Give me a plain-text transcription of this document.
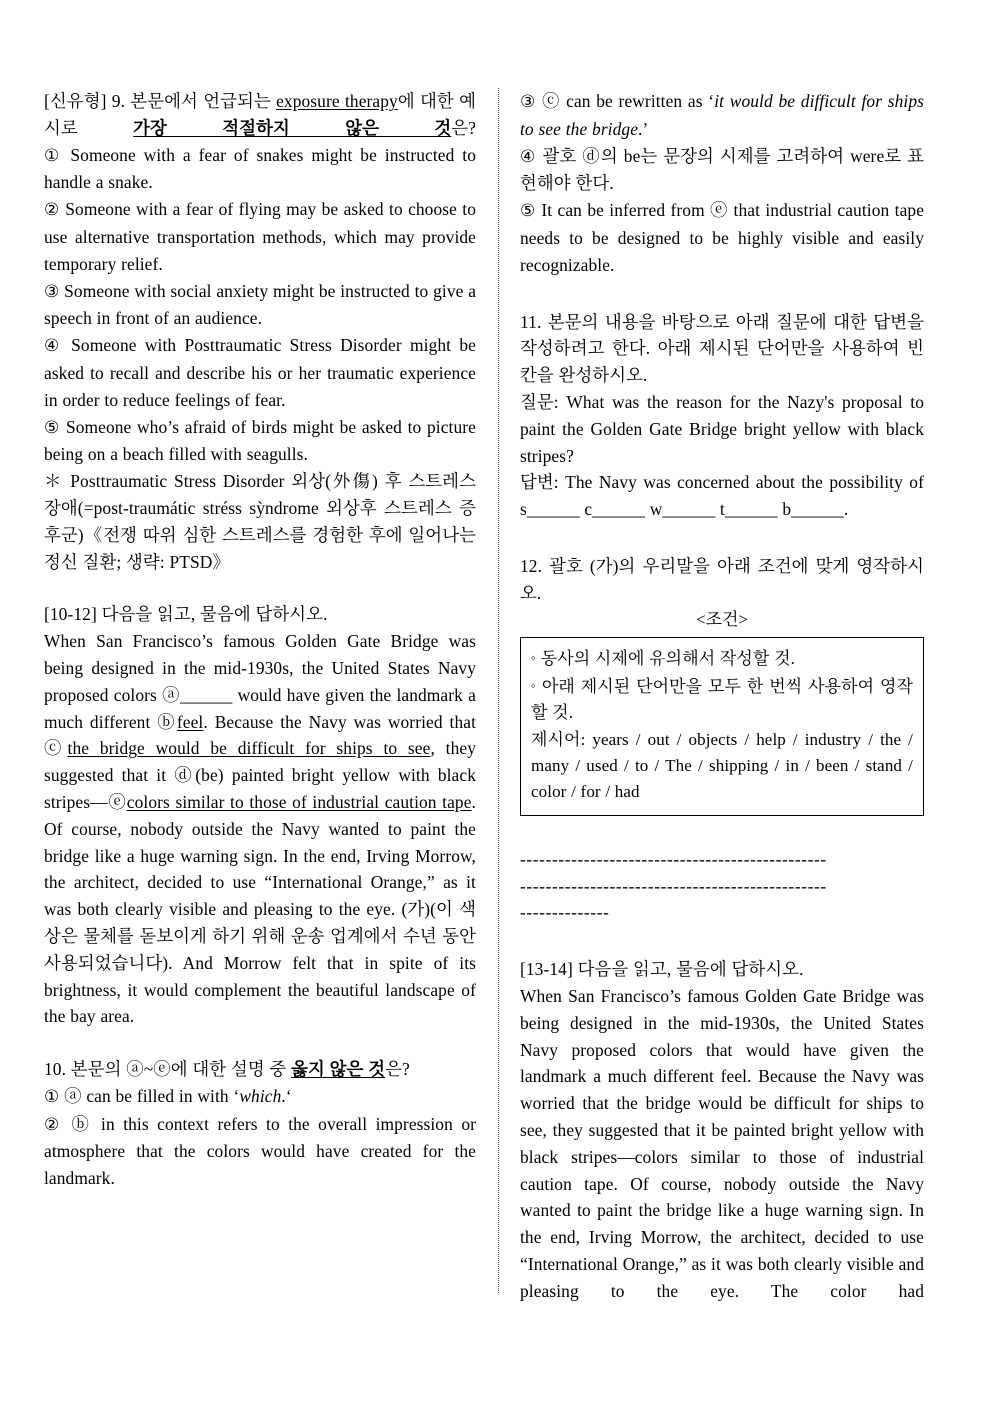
[신유형] 9. 본문에서 언급되는 exposure therapy에 대한 예시로 가장 적절하지 않은 것은?

① Someone with a fear of snakes might be instructed to handle a snake.

② Someone with a fear of flying may be asked to choose to use alternative transportation methods, which may provide temporary relief.

③ Someone with social anxiety might be instructed to give a speech in front of an audience.

④ Someone with Posttraumatic Stress Disorder might be asked to recall and describe his or her traumatic experience in order to reduce feelings of fear.

⑤ Someone who’s afraid of birds might be asked to picture being on a beach filled with seagulls.

＊ Posttraumatic Stress Disorder 외상(外傷) 후 스트레스 장애(=post-traumátic stréss sỳndrome 외상후 스트레스 증후군)《전쟁 따위 심한 스트레스를 경험한 후에 일어나는 정신 질환; 생략: PTSD》

[10-12] 다음을 읽고, 물음에 답하시오.

When San Francisco’s famous Golden Gate Bridge was being designed in the mid-1930s, the United States Navy proposed colors ⓐ______ would have given the landmark a much different ⓑfeel. Because the Navy was worried that ⓒthe bridge would be difficult for ships to see, they suggested that it ⓓ(be) painted bright yellow with black stripes—ⓔcolors similar to those of industrial caution tape. Of course, nobody outside the Navy wanted to paint the bridge like a huge warning sign. In the end, Irving Morrow, the architect, decided to use “International Orange,” as it was both clearly visible and pleasing to the eye. (가)(이 색상은 물체를 돋보이게 하기 위해 운송 업계에서 수년 동안 사용되었습니다). And Morrow felt that in spite of its brightness, it would complement the beautiful landscape of the bay area.

10. 본문의 ⓐ~ⓔ에 대한 설명 중 옳지 않은 것은?

① ⓐ can be filled in with ‘which.‘

② ⓑ in this context refers to the overall impression or atmosphere that the colors would have created for the landmark.

③ ⓒ can be rewritten as ‘it would be difficult for ships to see the bridge.’

④ 괄호 ⓓ의 be는 문장의 시제를 고려하여 were로 표현해야 한다.

⑤ It can be inferred from ⓔ that industrial caution tape needs to be designed to be highly visible and easily recognizable.

11. 본문의 내용을 바탕으로 아래 질문에 대한 답변을 작성하려고 한다. 아래 제시된 단어만을 사용하여 빈칸을 완성하시오.

질문: What was the reason for the Nazy's proposal to paint the Golden Gate Bridge bright yellow with black stripes?

답변: The Navy was concerned about the possibility of s______ c______ w______ t______ b______.

12. 괄호 (가)의 우리말을 아래 조건에 맞게 영작하시오.

<조건>

◦ 동사의 시제에 유의해서 작성할 것.

◦ 아래 제시된 단어만을 모두 한 번씩 사용하여 영작할 것.

제시어: years / out / objects / help / industry / the / many / used / to / The / shipping / in / been / stand / color / for / had

------------------------------------------------
------------------------------------------------
--------------

[13-14] 다음을 읽고, 물음에 답하시오.

When San Francisco’s famous Golden Gate Bridge was being designed in the mid-1930s, the United States Navy proposed colors that would have given the landmark a much different feel. Because the Navy was worried that the bridge would be difficult for ships to see, they suggested that it be painted bright yellow with black stripes—colors similar to those of industrial caution tape. Of course, nobody outside the Navy wanted to paint the bridge like a huge warning sign. In the end, Irving Morrow, the architect, decided to use “International Orange,” as it was both clearly visible and pleasing to the eye. The color had
